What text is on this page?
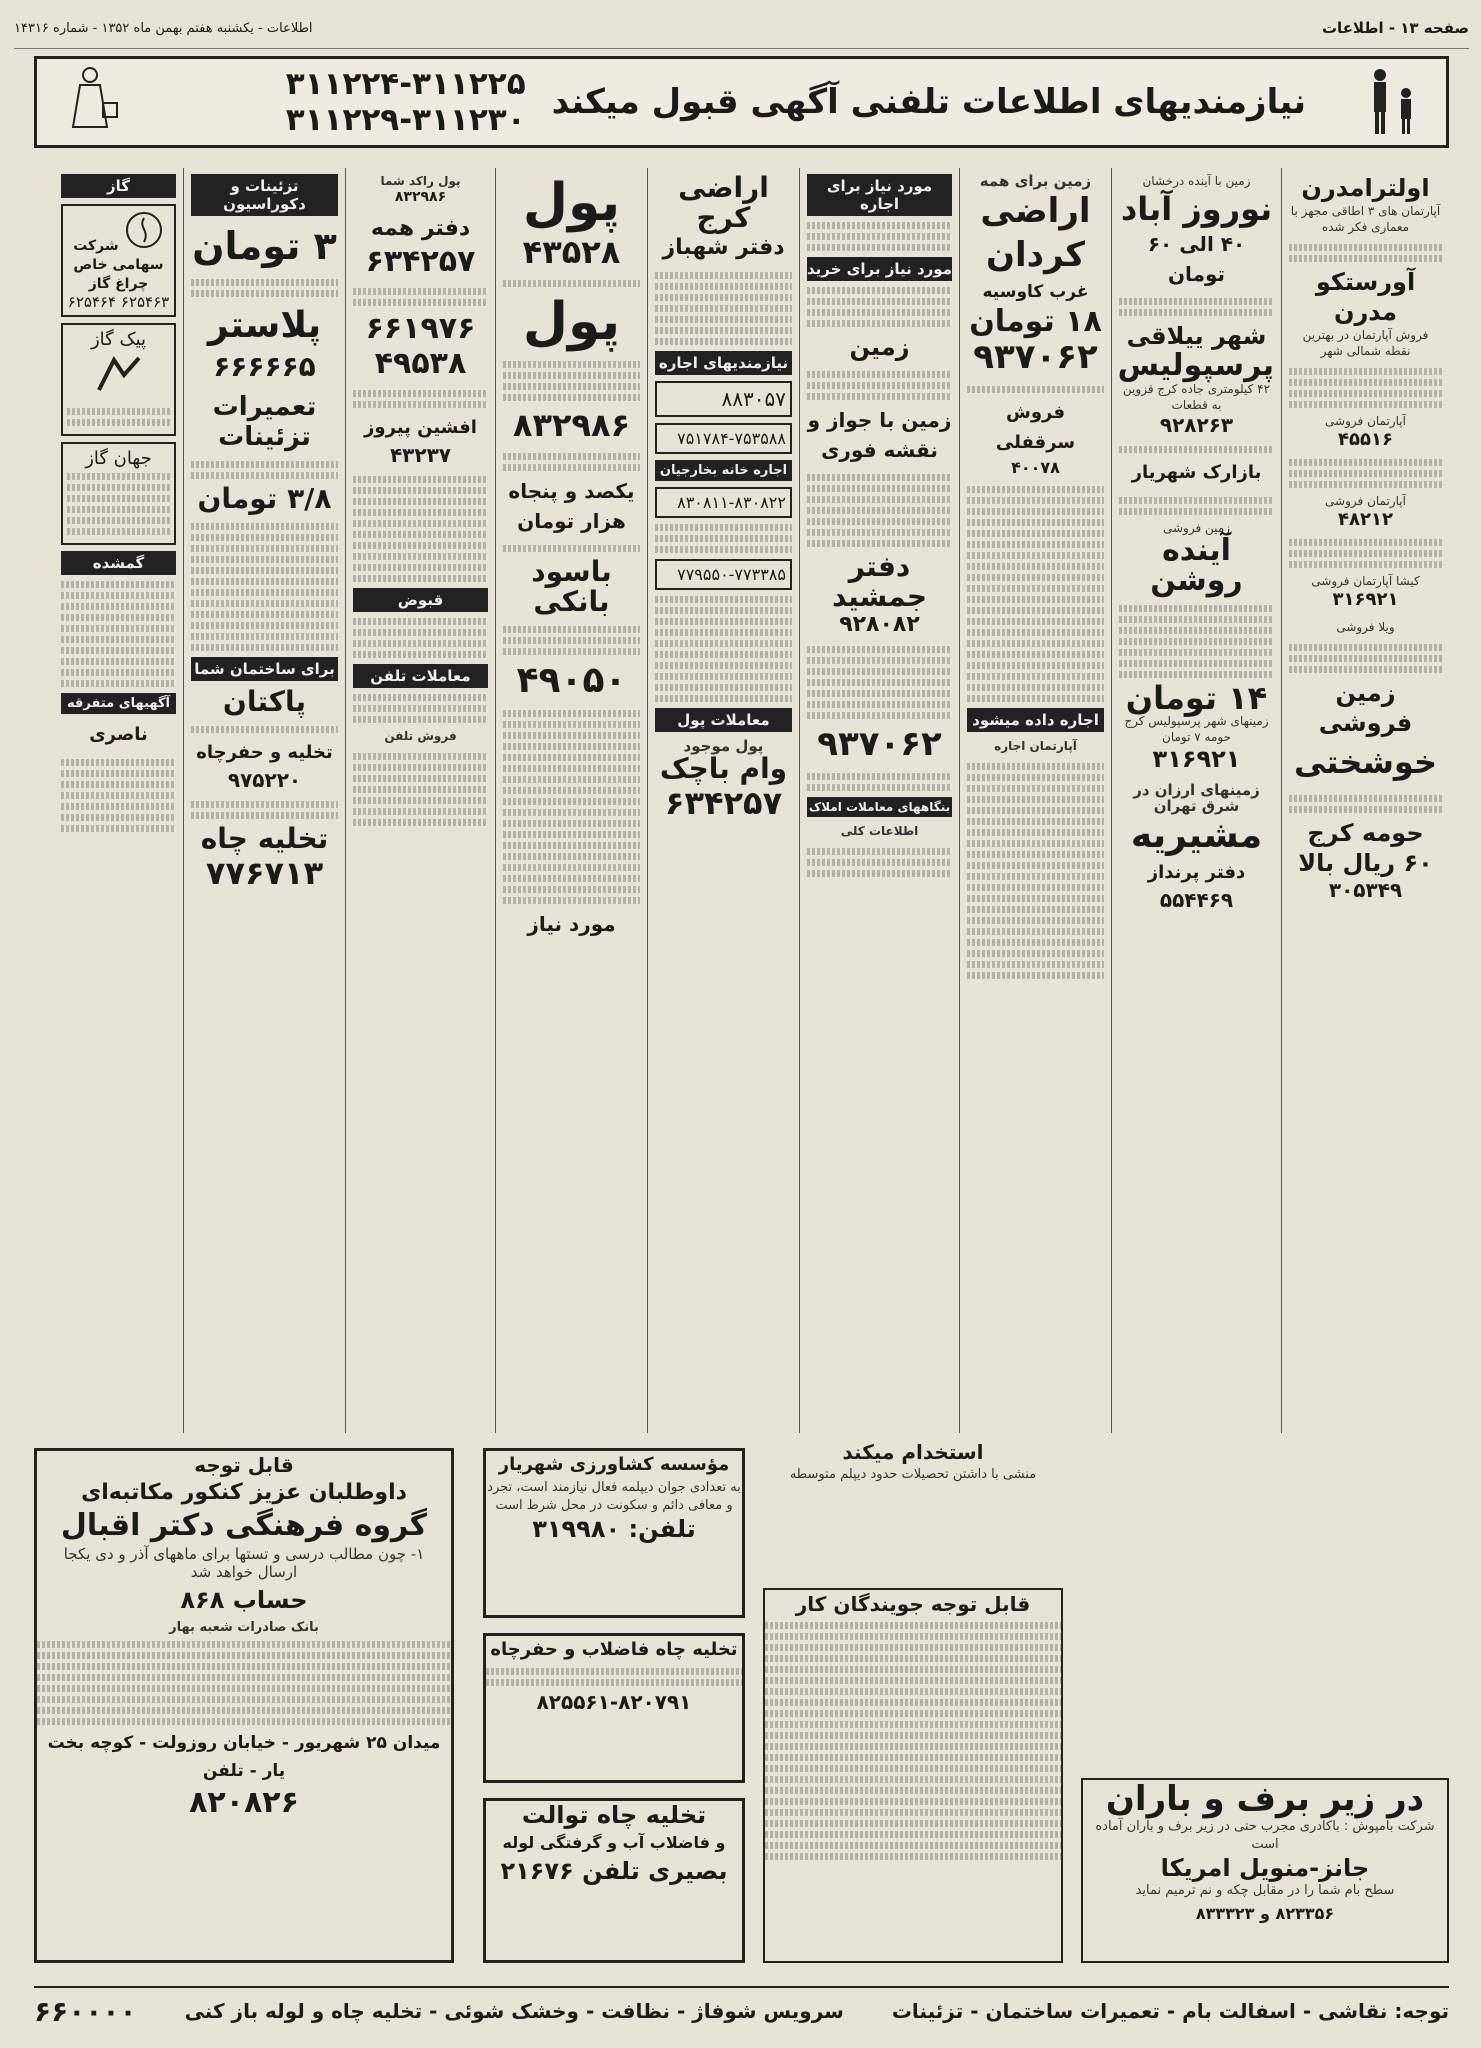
صفحه ۱۳ - اطلاعات
اطلاعات - یکشنبه هفتم بهمن ماه ۱۳۵۲ - شماره ۱۴۳۱۶
نیازمندیهای اطلاعات تلفنی آگهی قبول میکند
۳۱۱۲۲۴-۳۱۱۲۲۵
۳۱۱۲۲۹-۳۱۱۲۳۰
اولترامدرن
آپارتمان های ۳ اطاقی مجهز با معماری فکر شده
آورستکو مدرن
فروش آپارتمان در بهترین نقطه شمالی شهر
آپارتمان فروشی
۴۵۵۱۶
آپارتمان فروشی
۴۸۲۱۲
کیشا آپارتمان فروشی
۳۱۶۹۲۱
ویلا فروشی
زمین فروشی
خوشختی
حومه کرج
۶۰ ریال بالا
۳۰۵۳۴۹
زمین با آینده درخشان
نوروز آباد
۴۰ الی ۶۰ تومان
شهر ییلاقی
پرسپولیس
۴۲ کیلومتری جاده کرج قزوین به قطعات
۹۲۸۲۶۳
بازارک شهریار
زمین فروشی
آینده روشن
۱۴ تومان
زمینهای شهر پرسپولیس کرج حومه ۷ تومان
۳۱۶۹۲۱
زمینهای ارزان در شرق تهران
مشیریه
دفتر پرنداز
۵۵۴۴۶۹
زمین برای همه
اراضی کردان
غرب کاوسیه
۱۸ تومان
۹۳۷۰۶۲
فروش سرقفلی
۴۰۰۷۸
اجاره داده میشود
آپارتمان اجاره
مورد نیاز برای اجاره
مورد نیاز برای خرید
زمین
زمین با جواز و نقشه فوری
دفتر جمشید
۹۲۸۰۸۲
۹۳۷۰۶۲
بنگاههای معاملات املاک
اطلاعات کلی
اراضی کرج
دفتر شهباز
نیازمندیهای اجاره
۸۸۳۰۵۷
۷۵۱۷۸۴-۷۵۳۵۸۸
اجاره خانه بخارجیان
۸۳۰۸۱۱-۸۳۰۸۲۲
۷۷۹۵۵۰-۷۷۳۳۸۵
معاملات پول
پول موجود
وام باچک
۶۳۴۲۵۷
پول
۴۳۵۲۸
پول
۸۳۲۹۸۶
یکصد و پنجاه هزار تومان
باسود بانکی
۴۹۰۵۰
مورد نیاز
پول راکد شما
۸۳۲۹۸۶
دفتر همه
۶۳۴۲۵۷
۶۶۱۹۷۶
۴۹۵۳۸
افشین پیروز
۴۳۲۳۷
قبوض
معاملات تلفن
فروش تلفن
تزئینات و دکوراسیون
۳ تومان
پلاستر
۶۶۶۶۶۵
تعمیرات تزئینات
۳/۸ تومان
برای ساختمان شما
پاکتان
تخلیه و حفرچاه
۹۷۵۲۲۰
تخلیه چاه
۷۷۶۷۱۳
گاز
شرکت سهامی خاص چراغ گاز ۶۲۵۴۶۳ ۶۲۵۴۶۴
پیک گاز
جهان گاز
گمشده
آگهیهای متفرقه
ناصری
در زیر برف و باران
شرکت بامپوش : باکادری مجرب حتی در زیر برف و باران آماده است
جانز-منویل امریکا
سطح بام شما را در مقابل چکه و نم ترمیم نماید
۸۲۳۳۵۶ و ۸۳۳۳۲۳
استخدام میکند
منشی با داشتن تحصیلات حدود دیپلم متوسطه
قابل توجه جویندگان کار
مؤسسه کشاورزی شهریار
به تعدادی جوان دیپلمه فعال نیازمند است، تجرد و معافی دائم و سکونت در محل شرط است
تلفن: ۳۱۹۹۸۰
تخلیه چاه فاضلاب و حفرچاه
۸۲۵۵۶۱-۸۲۰۷۹۱
تخلیه چاه توالت
و فاضلاب آب و گرفتگی لوله
بصیری تلفن ۲۱۶۷۶
قابل توجه
داوطلبان عزیز کنکور مکاتبه‌ای
گروه فرهنگی دکتر اقبال
۱- چون مطالب درسی و تستها برای ماههای آذر و دی یکجا ارسال خواهد شد
حساب ۸۶۸
بانک صادرات شعبه بهار
میدان ۲۵ شهریور - خیابان روزولت - کوچه بخت یار - تلفن
۸۲۰۸۲۶
توجه: نقاشی - اسفالت بام - تعمیرات ساختمان - تزئینات
سرویس شوفاژ - نظافت - وخشک شوئی - تخلیه چاه و لوله باز کنی
۶۶۰۰۰۰
